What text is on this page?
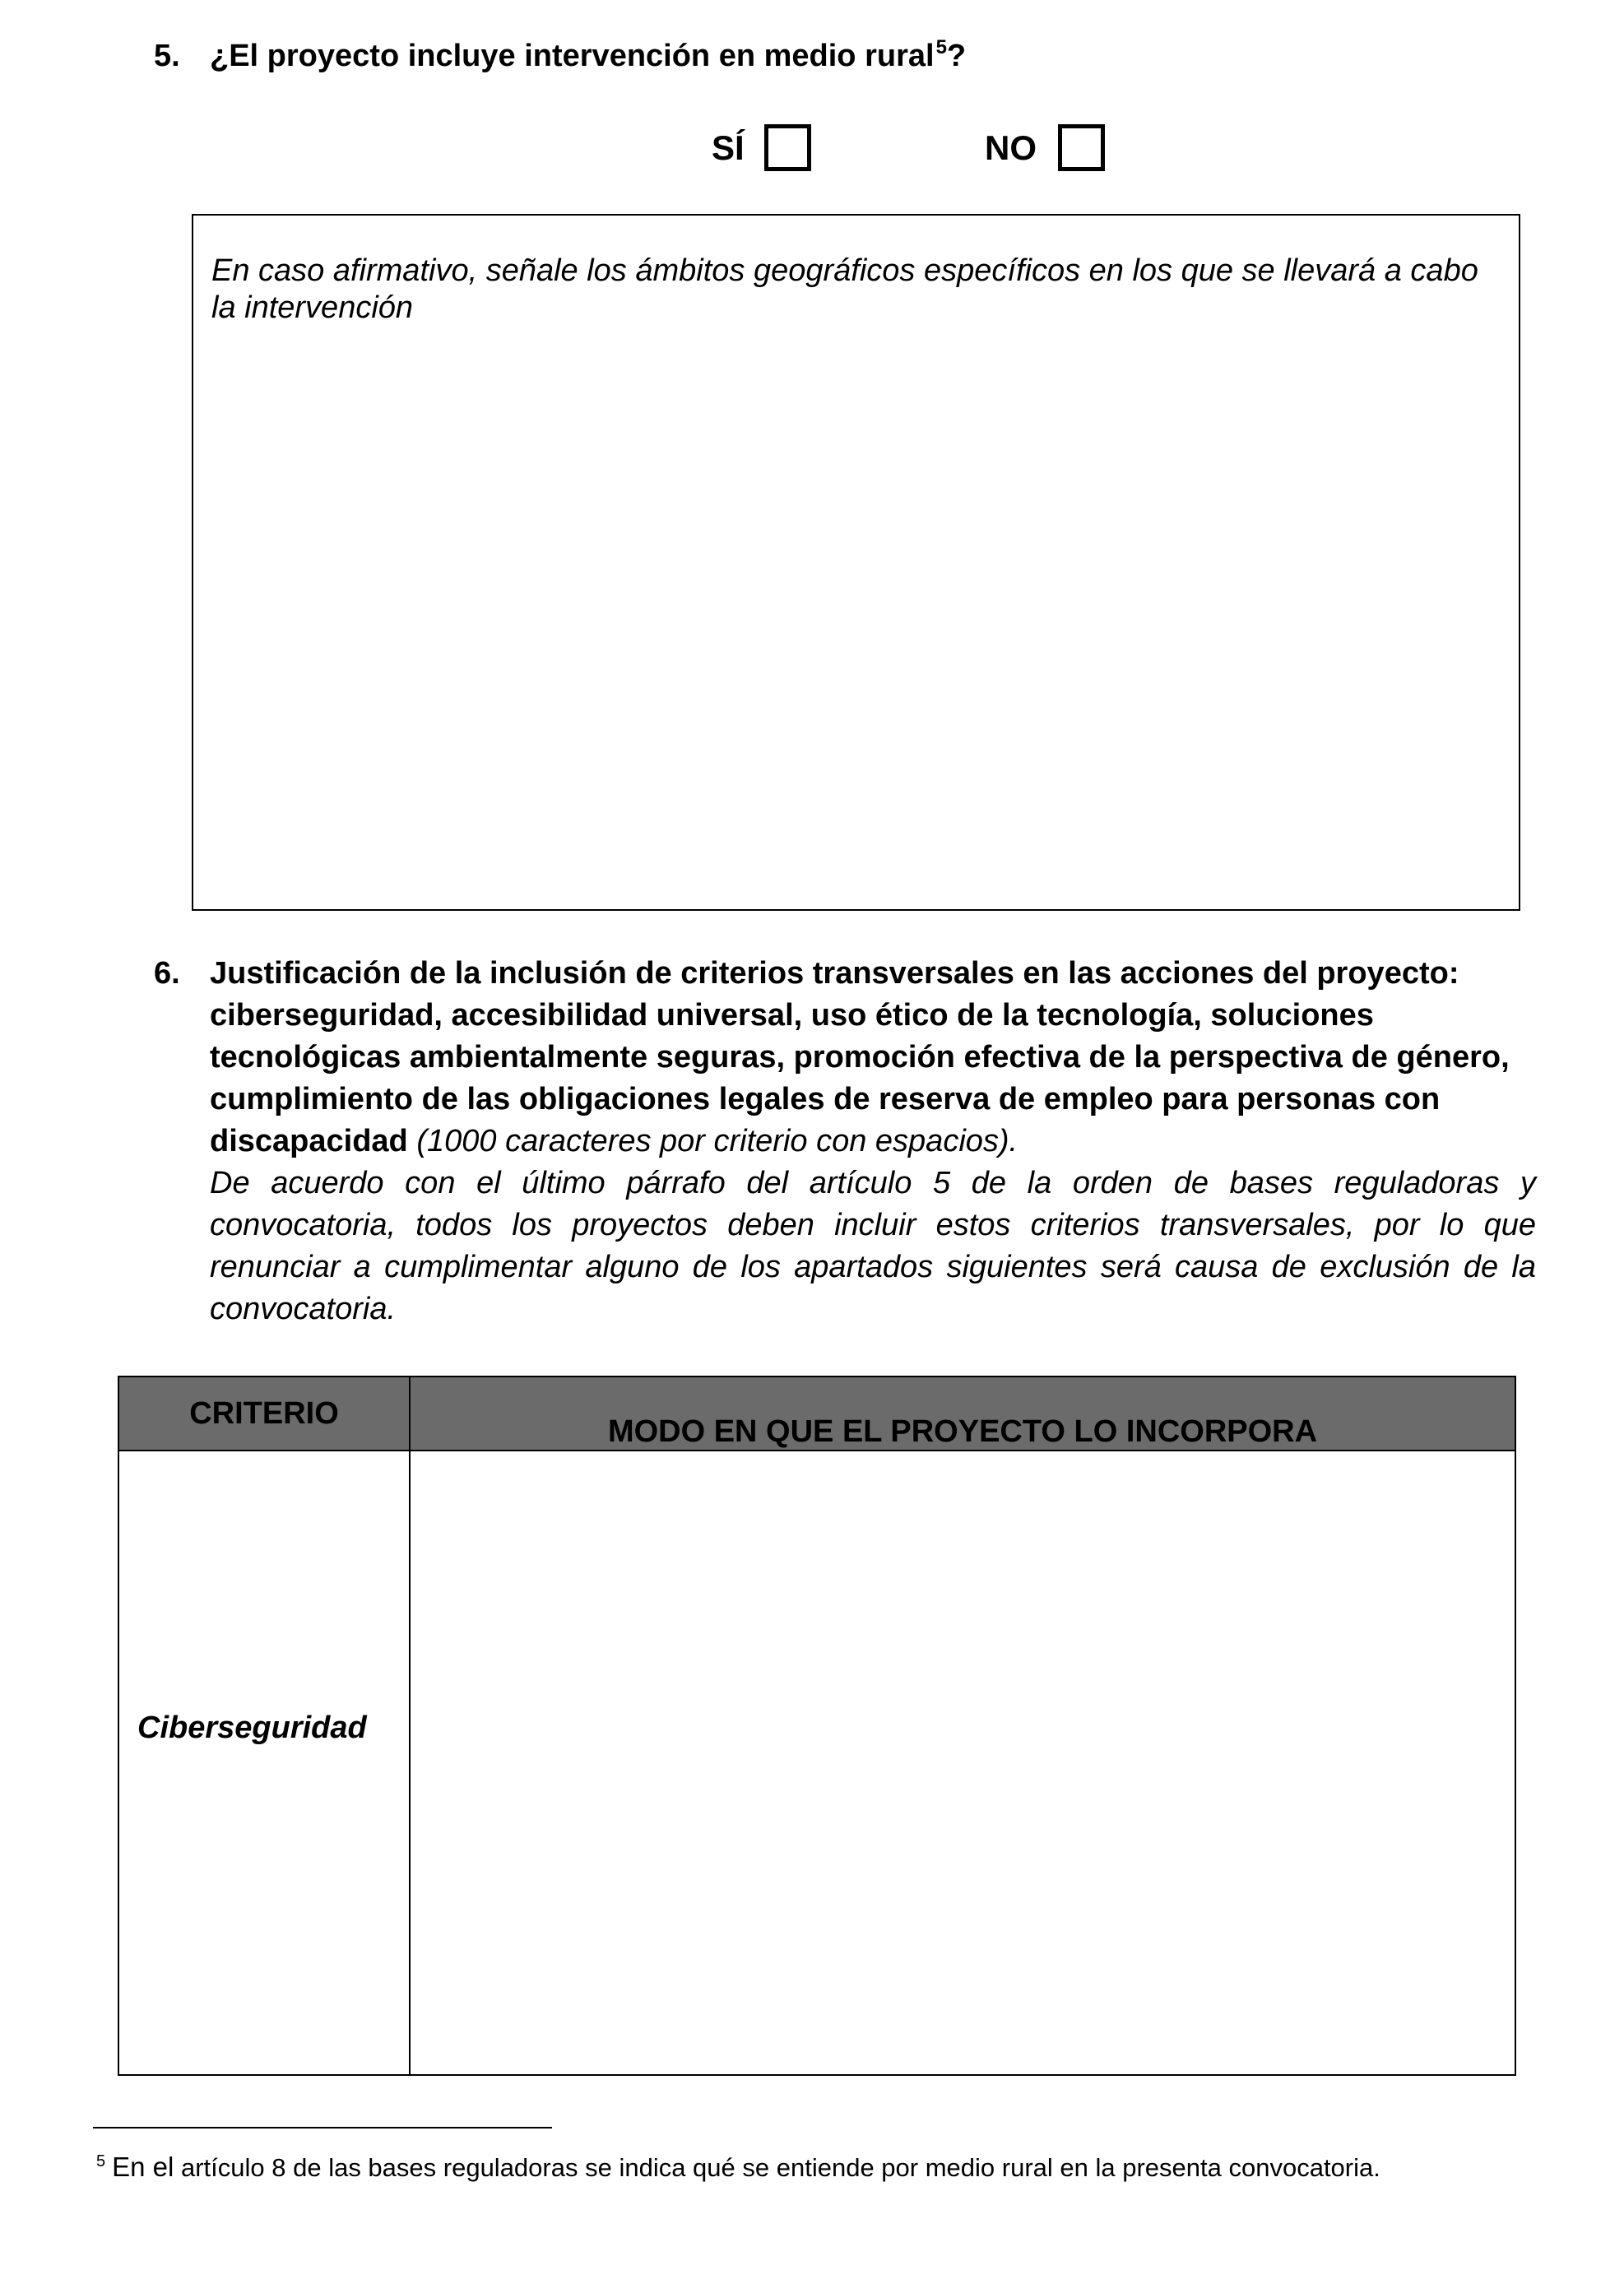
5. ¿El proyecto incluye intervención en medio rural$^5$?
SÍ	NO

En caso afirmativo, señale los ámbitos geográficos específicos en los que se llevará a cabo la intervención

6. Justificación de la inclusión de criterios transversales en las acciones del proyecto: ciberseguridad, accesibilidad universal, uso ético de la tecnología, soluciones tecnológicas ambientalmente seguras, promoción efectiva de la perspectiva de género, cumplimiento de las obligaciones legales de reserva de empleo para personas con discapacidad (1000 caracteres por criterio con espacios).

De acuerdo con el último párrafo del artículo 5 de la orden de bases reguladoras y convocatoria, todos los proyectos deben incluir estos criterios transversales, por lo que renunciar a cumplimentar alguno de los apartados siguientes será causa de exclusión de la convocatoria.

CRITERIO
MODO EN QUE EL PROYECTO LO INCORPORA
Ciberseguridad
$^5$ En el artículo 8 de las bases reguladoras se indica qué se entiende por medio rural en la presenta convocatoria.
